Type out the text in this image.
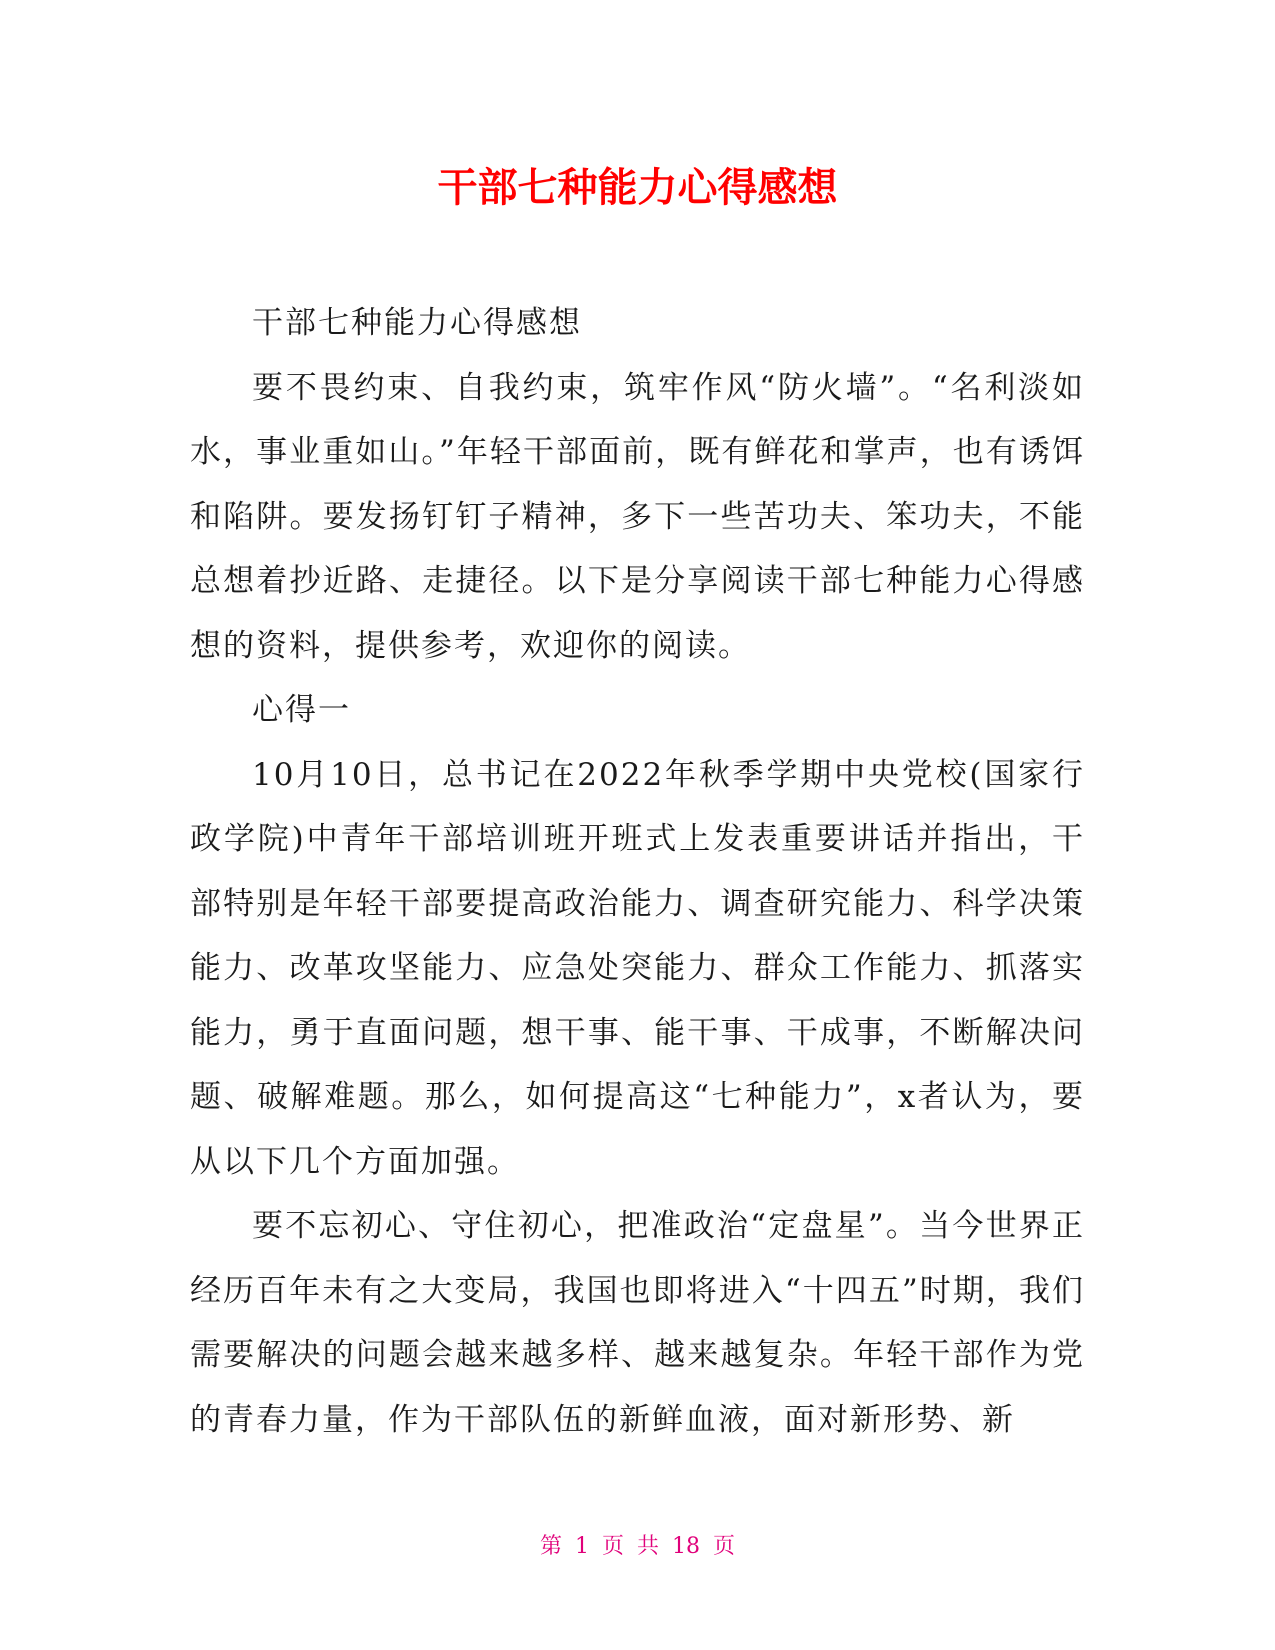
干部七种能力心得感想

干部七种能力心得感想

要不畏约束、自我约束，筑牢作风“防火墙”。“名利淡如水，事业重如山。”年轻干部面前，既有鲜花和掌声，也有诱饵和陷阱。要发扬钉钉子精神，多下一些苦功夫、笨功夫，不能总想着抄近路、走捷径。以下是分享阅读干部七种能力心得感想的资料，提供参考，欢迎你的阅读。

心得一

10月10日，总书记在2022年秋季学期中央党校(国家行政学院)中青年干部培训班开班式上发表重要讲话并指出，干部特别是年轻干部要提高政治能力、调查研究能力、科学决策能力、改革攻坚能力、应急处突能力、群众工作能力、抓落实能力，勇于直面问题，想干事、能干事、干成事，不断解决问题、破解难题。那么，如何提高这“七种能力”，x者认为，要从以下几个方面加强。

要不忘初心、守住初心，把准政治“定盘星”。当今世界正经历百年未有之大变局，我国也即将进入“十四五”时期，我们需要解决的问题会越来越多样、越来越复杂。年轻干部作为党的青春力量，作为干部队伍的新鲜血液，面对新形势、新

第 1 页 共 18 页
